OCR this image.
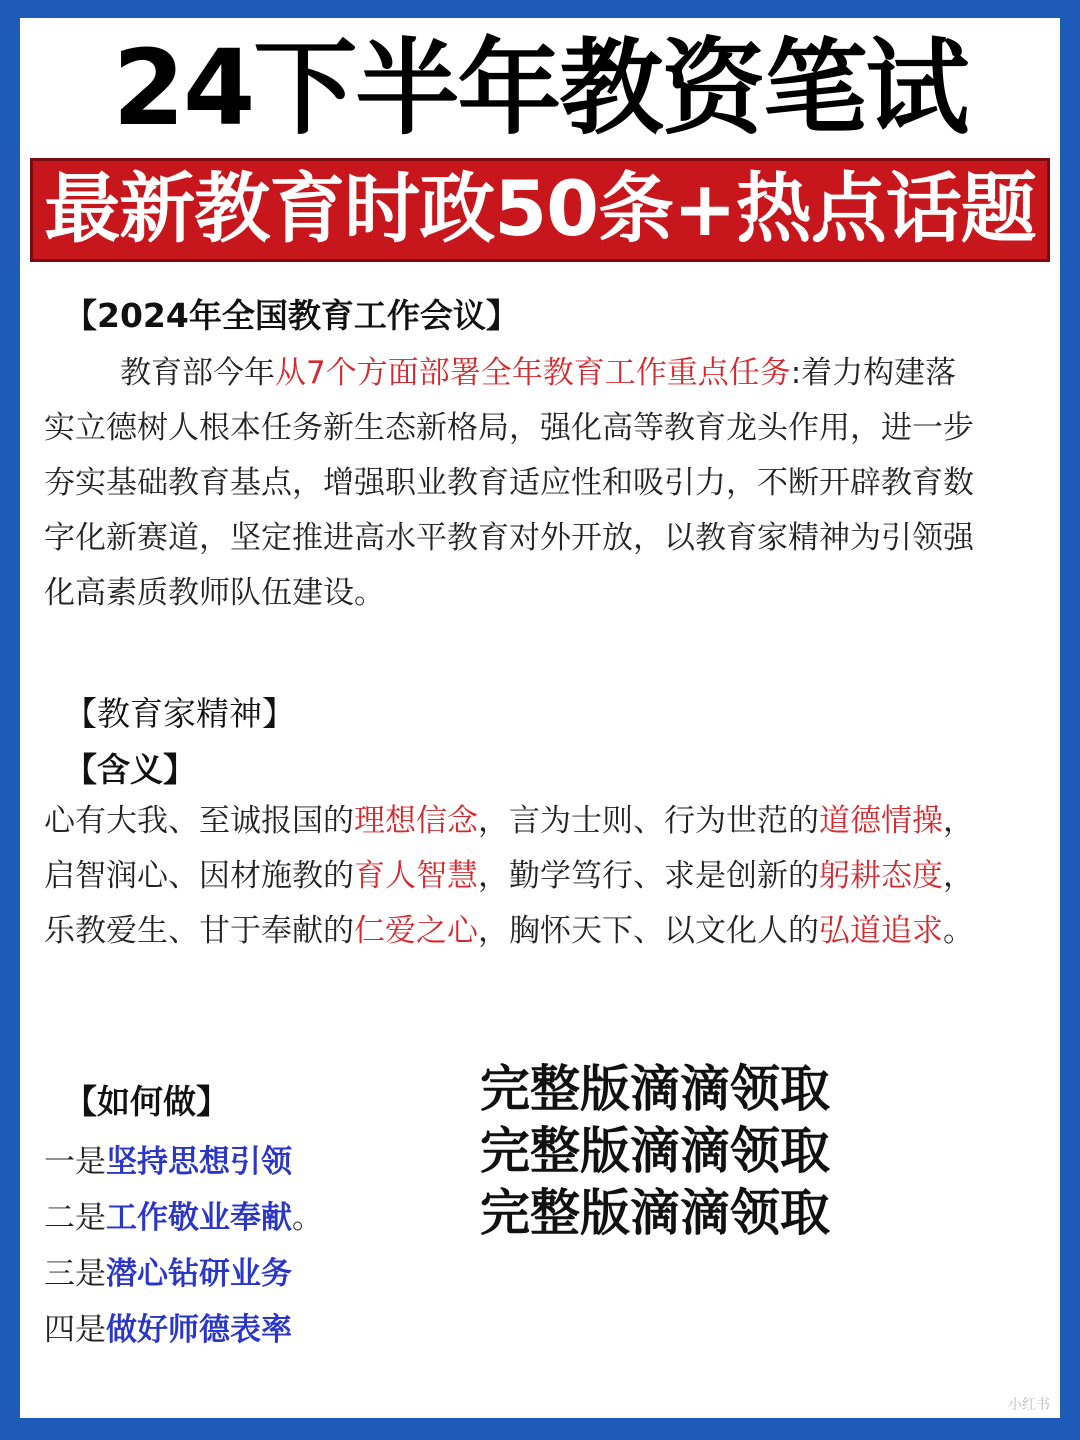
24下半年教资笔试
最新教育时政50条+热点话题
【2024年全国教育工作会议】
教育部今年从7个方面部署全年教育工作重点任务:着力构建落实立德树人根本任务新生态新格局，强化高等教育龙头作用，进一步夯实基础教育基点，增强职业教育适应性和吸引力，不断开辟教育数字化新赛道，坚定推进高水平教育对外开放，以教育家精神为引领强化高素质教师队伍建设。
【教育家精神】
【含义】
心有大我、至诚报国的理想信念，言为士则、行为世范的道德情操，启智润心、因材施教的育人智慧，勤学笃行、求是创新的躬耕态度，乐教爱生、甘于奉献的仁爱之心，胸怀天下、以文化人的弘道追求。
【如何做】
一是坚持思想引领
二是工作敬业奉献。
三是潜心钻研业务
四是做好师德表率
完整版滴滴领取
完整版滴滴领取
完整版滴滴领取
小红书
